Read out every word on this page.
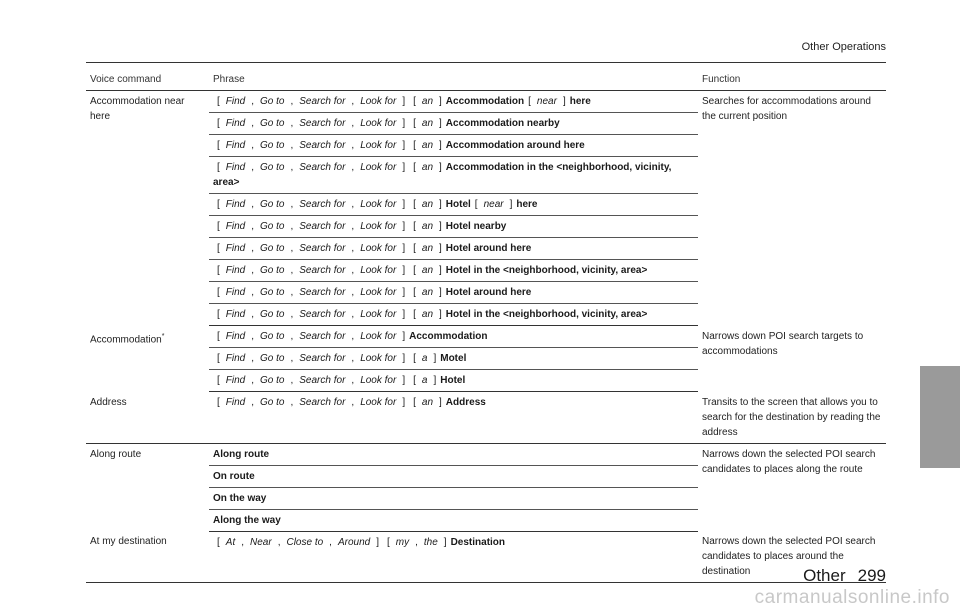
Other Operations
Voice command	Phrase	Function
Accommodation near here	[ Find , Go to , Search for , Look for ] [ an ] Accommodation [ near ] here	Searches for accommodations around the current position
	[ Find , Go to , Search for , Look for ] [ an ] Accommodation nearby	
	[ Find , Go to , Search for , Look for ] [ an ] Accommodation around here	
	[ Find , Go to , Search for , Look for ] [ an ] Accommodation in the <neighborhood, vicinity, area>	
	[ Find , Go to , Search for , Look for ] [ an ] Hotel [ near ] here	
	[ Find , Go to , Search for , Look for ] [ an ] Hotel nearby	
	[ Find , Go to , Search for , Look for ] [ an ] Hotel around here	
	[ Find , Go to , Search for , Look for ] [ an ] Hotel in the <neighborhood, vicinity, area>	
	[ Find , Go to , Search for , Look for ] [ an ] Hotel around here	
	[ Find , Go to , Search for , Look for ] [ an ] Hotel in the <neighborhood, vicinity, area>	
Accommodation*	[ Find , Go to , Search for , Look for ] Accommodation	Narrows down POI search targets to accommodations
	[ Find , Go to , Search for , Look for ] [ a ] Motel	
	[ Find , Go to , Search for , Look for ] [ a ] Hotel	
Address	[ Find , Go to , Search for , Look for ] [ an ] Address	Transits to the screen that allows you to search for the destination by reading the address
Along route	Along route	Narrows down the selected POI search candidates to places along the route
	On route	
	On the way	
	Along the way	
At my destination	[ At , Near , Close to , Around ] [ my , the ] Destination	Narrows down the selected POI search candidates to places around the destination	Other 299
carmanualsonline.info
